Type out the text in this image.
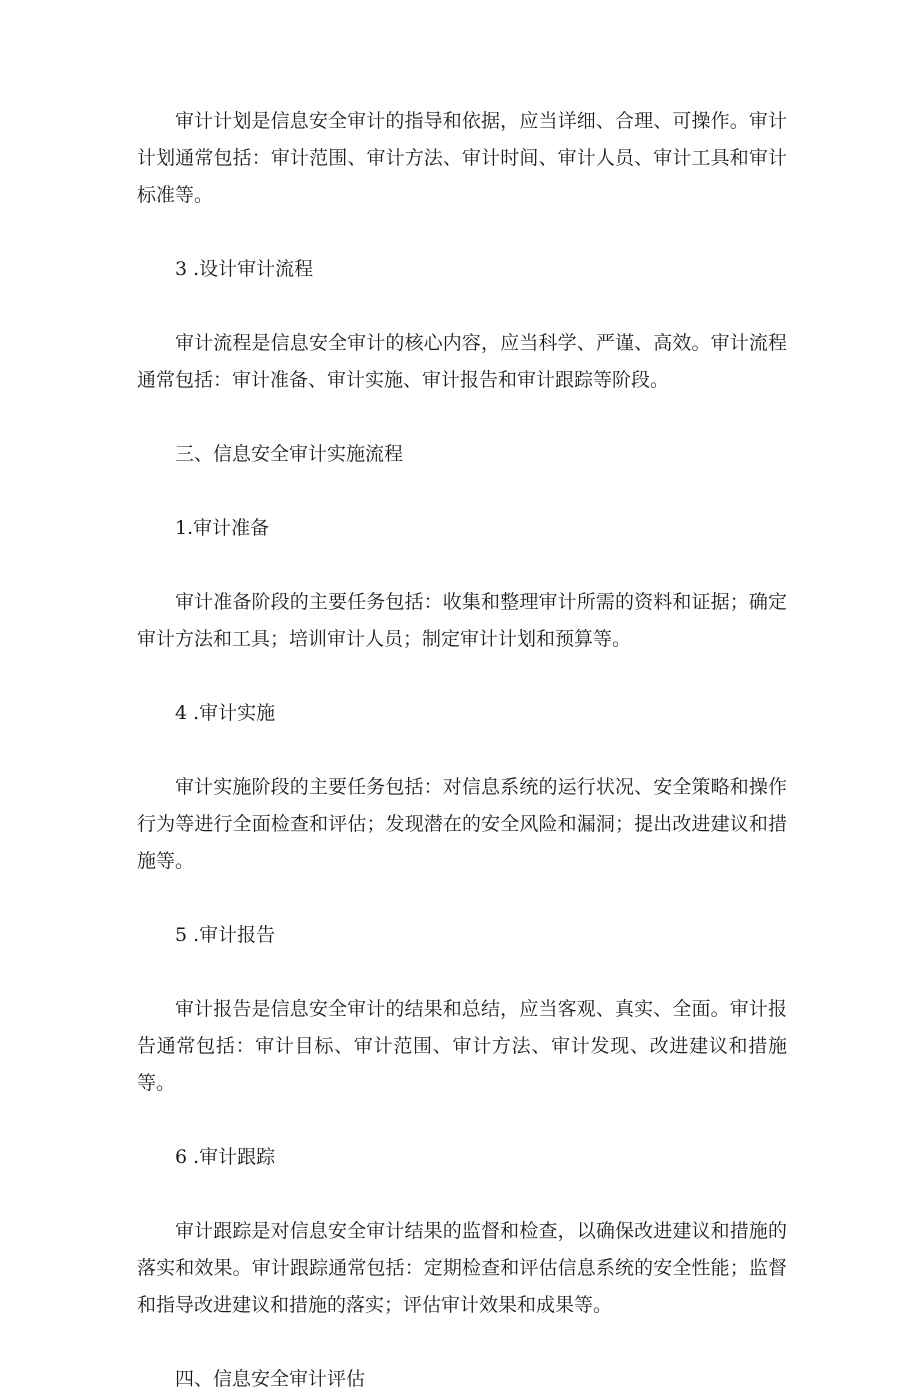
审计计划是信息安全审计的指导和依据，应当详细、合理、可操作。审计计划通常包括：审计范围、审计方法、审计时间、审计人员、审计工具和审计标准等。

3 .设计审计流程

审计流程是信息安全审计的核心内容，应当科学、严谨、高效。审计流程通常包括：审计准备、审计实施、审计报告和审计跟踪等阶段。

三、信息安全审计实施流程

1.审计准备

审计准备阶段的主要任务包括：收集和整理审计所需的资料和证据；确定审计方法和工具；培训审计人员；制定审计计划和预算等。

4 .审计实施

审计实施阶段的主要任务包括：对信息系统的运行状况、安全策略和操作行为等进行全面检查和评估；发现潜在的安全风险和漏洞；提出改进建议和措施等。

5 .审计报告

审计报告是信息安全审计的结果和总结，应当客观、真实、全面。审计报告通常包括：审计目标、审计范围、审计方法、审计发现、改进建议和措施等。

6 .审计跟踪

审计跟踪是对信息安全审计结果的监督和检查，以确保改进建议和措施的落实和效果。审计跟踪通常包括：定期检查和评估信息系统的安全性能；监督和指导改进建议和措施的落实；评估审计效果和成果等。

四、信息安全审计评估
